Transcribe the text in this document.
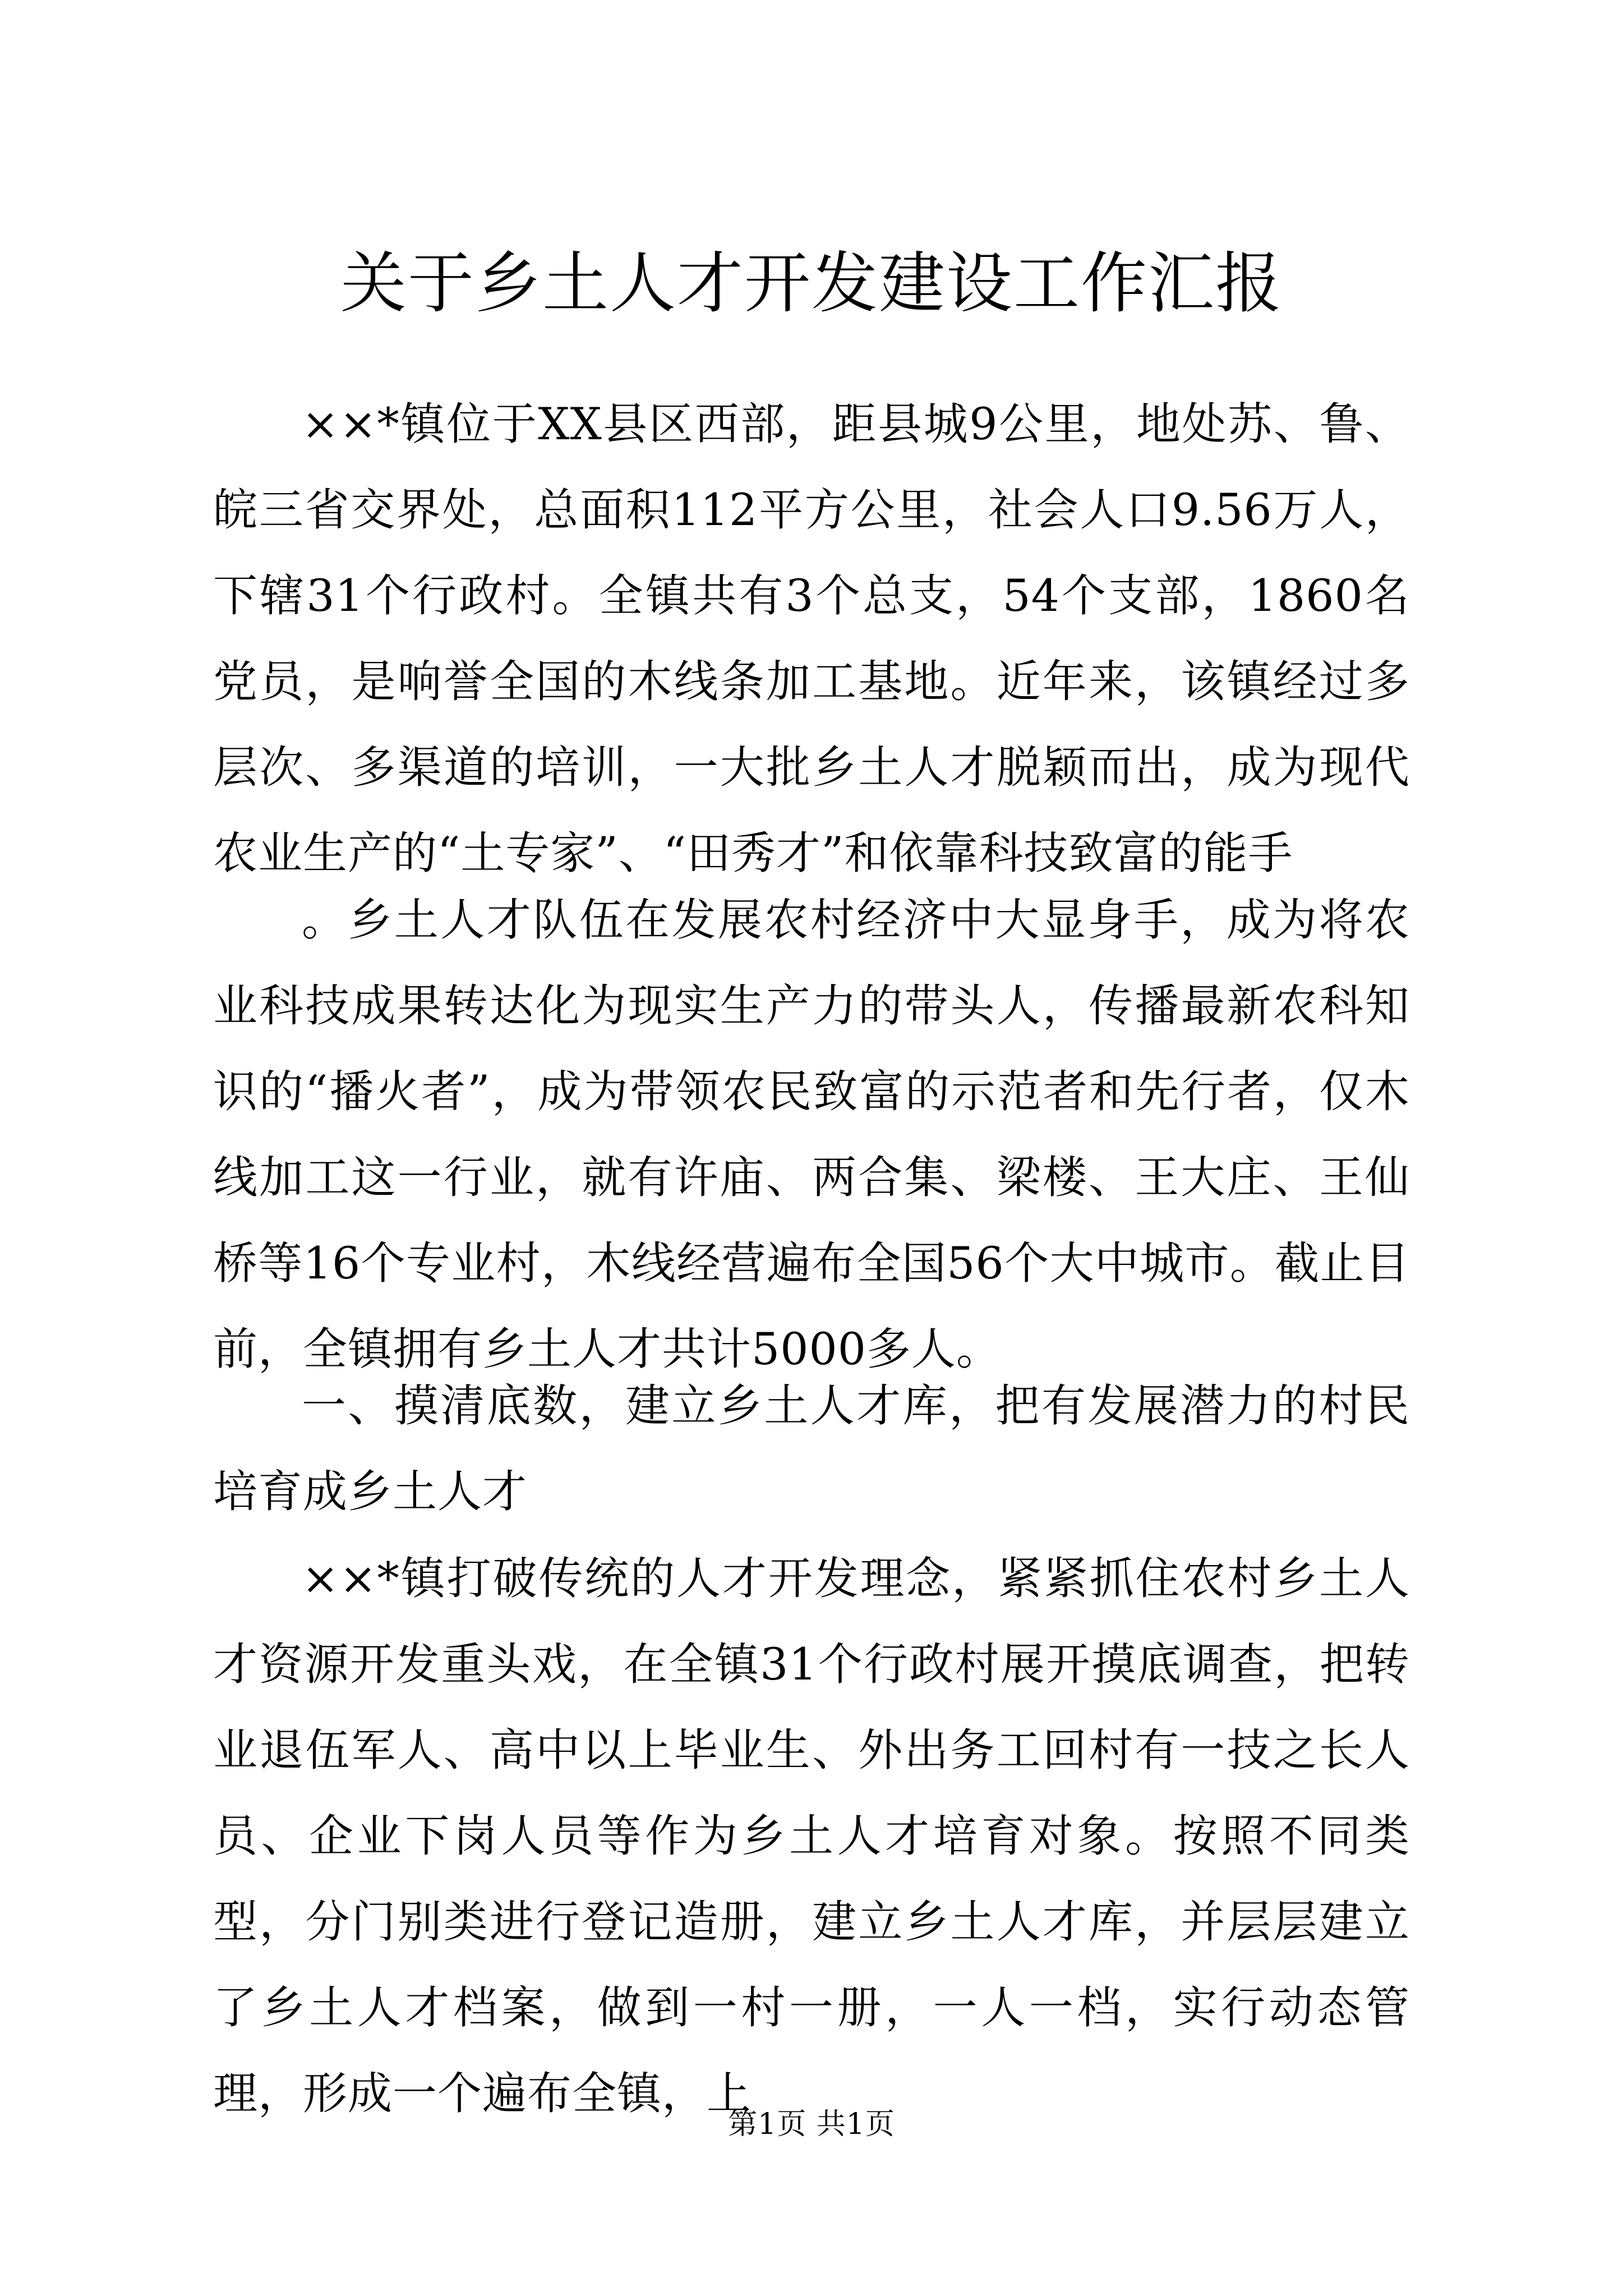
关于乡土人才开发建设工作汇报

××*镇位于XX县区西部，距县城9公里，地处苏、鲁、皖三省交界处，总面积112平方公里，社会人口9.56万人，下辖31个行政村。全镇共有3个总支，54个支部，1860名党员，是响誉全国的木线条加工基地。近年来，该镇经过多层次、多渠道的培训，一大批乡土人才脱颖而出，成为现代农业生产的“土专家”、“田秀才”和依靠科技致富的能手

。乡土人才队伍在发展农村经济中大显身手，成为将农业科技成果转达化为现实生产力的带头人，传播最新农科知识的“播火者”，成为带领农民致富的示范者和先行者，仅木线加工这一行业，就有许庙、两合集、梁楼、王大庄、王仙桥等16个专业村，木线经营遍布全国56个大中城市。截止目前，全镇拥有乡土人才共计5000多人。

一、摸清底数，建立乡土人才库，把有发展潜力的村民培育成乡土人才

××*镇打破传统的人才开发理念，紧紧抓住农村乡土人才资源开发重头戏，在全镇31个行政村展开摸底调查，把转业退伍军人、高中以上毕业生、外出务工回村有一技之长人员、企业下岗人员等作为乡土人才培育对象。按照不同类型，分门别类进行登记造册，建立乡土人才库，并层层建立了乡土人才档案，做到一村一册，一人一档，实行动态管理，形成一个遍布全镇，上

第1页 共1页
